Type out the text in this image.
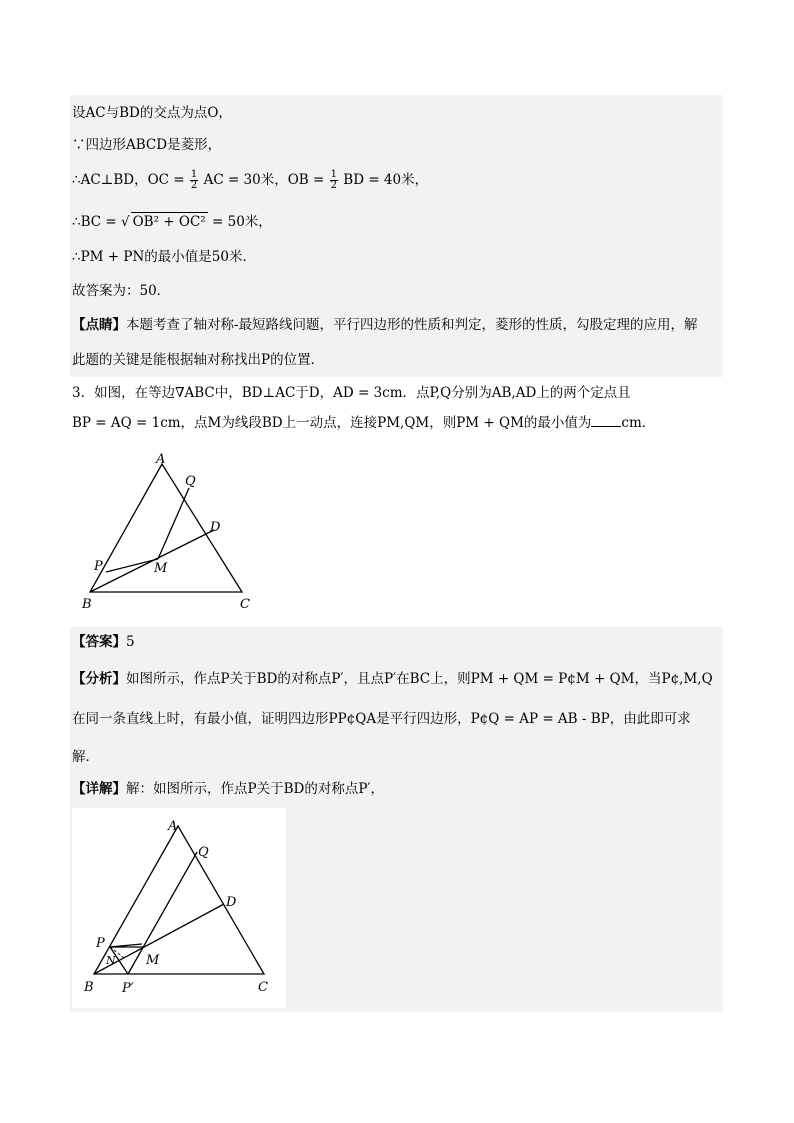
设AC与BD的交点为点O，
∵四边形ABCD是菱形，
∴AC⊥BD，OC = $\frac{1}{2}$ AC = 30米，OB = $\frac{1}{2}$ BD = 40米，
∴BC = √ OB² + OC² = 50米，
∴PM + PN的最小值是50米．
故答案为：50．
【点睛】本题考查了轴对称-最短路线问题，平行四边形的性质和判定，菱形的性质，勾股定理的应用，解
此题的关键是能根据轴对称找出P的位置．
3．如图，在等边∇ABC中，BD⊥AC于D，AD = 3cm．点P,Q分别为AB,AD上的两个定点且
BP = AQ = 1cm，点M为线段BD上一动点，连接PM,QM，则PM + QM的最小值为 cm．
A
Q
D
P	M
B	C
【答案】5
【分析】如图所示，作点P关于BD的对称点P′，且点P′在BC上，则PM + QM = P¢M + QM，当P¢,M,Q
在同一条直线上时，有最小值，证明四边形PP¢QA是平行四边形，P¢Q = AP = AB - BP，由此即可求
解．
【详解】解：如图所示，作点P关于BD的对称点P′，
A
Q
D
P
N M
B P′	C
